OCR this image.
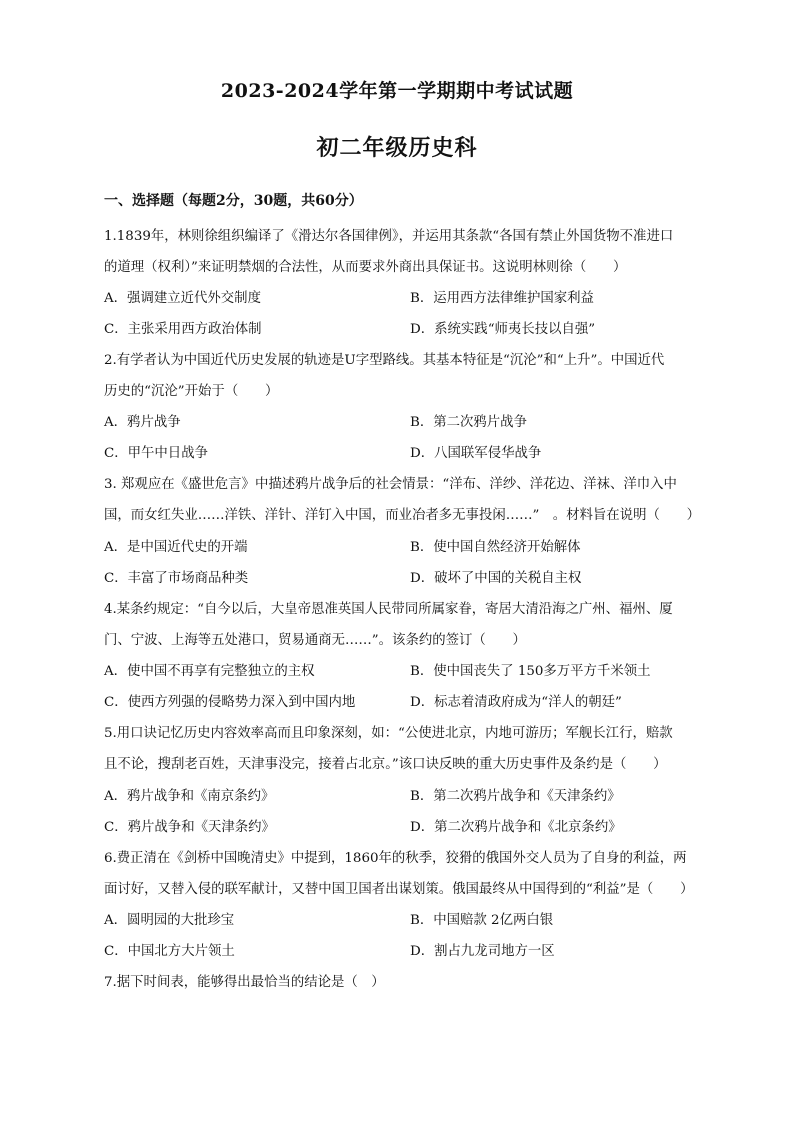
2023-2024学年第一学期期中考试试题
初二年级历史科
一、选择题（每题2分，30题，共60分）
1.1839年，林则徐组织编译了《滑达尔各国律例》，并运用其条款“各国有禁止外国货物不准进口
的道理（权利）”来证明禁烟的合法性，从而要求外商出具保证书。这说明林则徐（　　）
A．强调建立近代外交制度	B．运用西方法律维护国家利益
C．主张采用西方政治体制	D．系统实践“师夷长技以自强”
2.有学者认为中国近代历史发展的轨迹是U字型路线。其基本特征是“沉沦”和“上升”。中国近代
历史的“沉沦”开始于（　　）
A．鸦片战争	B．第二次鸦片战争
C．甲午中日战争	D．八国联军侵华战争
3. 郑观应在《盛世危言》中描述鸦片战争后的社会情景：“洋布、洋纱、洋花边、洋袜、洋巾入中
国，而女红失业……洋铁、洋针、洋钉入中国，而业冶者多无事投闲……”　。材料旨在说明（　　）
A．是中国近代史的开端	B．使中国自然经济开始解体
C．丰富了市场商品种类	D．破坏了中国的关税自主权
4.某条约规定：“自今以后，大皇帝恩准英国人民带同所属家眷，寄居大清沿海之广州、福州、厦
门、宁波、上海等五处港口，贸易通商无……”。该条约的签订（　　）
A．使中国不再享有完整独立的主权	B．使中国丧失了 150多万平方千米领土
C．使西方列强的侵略势力深入到中国内地	D．标志着清政府成为“洋人的朝廷”
5.用口诀记忆历史内容效率高而且印象深刻，如：“公使进北京，内地可游历；军舰长江行，赔款
且不论，搜刮老百姓，天津事没完，接着占北京。”该口诀反映的重大历史事件及条约是（　　）
A．鸦片战争和《南京条约》	B．第二次鸦片战争和《天津条约》
C．鸦片战争和《天津条约》	D．第二次鸦片战争和《北京条约》
6.费正清在《剑桥中国晚清史》中提到，1860年的秋季，狡猾的俄国外交人员为了自身的利益，两
面讨好，又替入侵的联军献计，又替中国卫国者出谋划策。俄国最终从中国得到的“利益”是（　　）
A．圆明园的大批珍宝	B．中国赔款 2亿两白银
C．中国北方大片领土	D．割占九龙司地方一区
7.据下时间表，能够得出最恰当的结论是（　）
